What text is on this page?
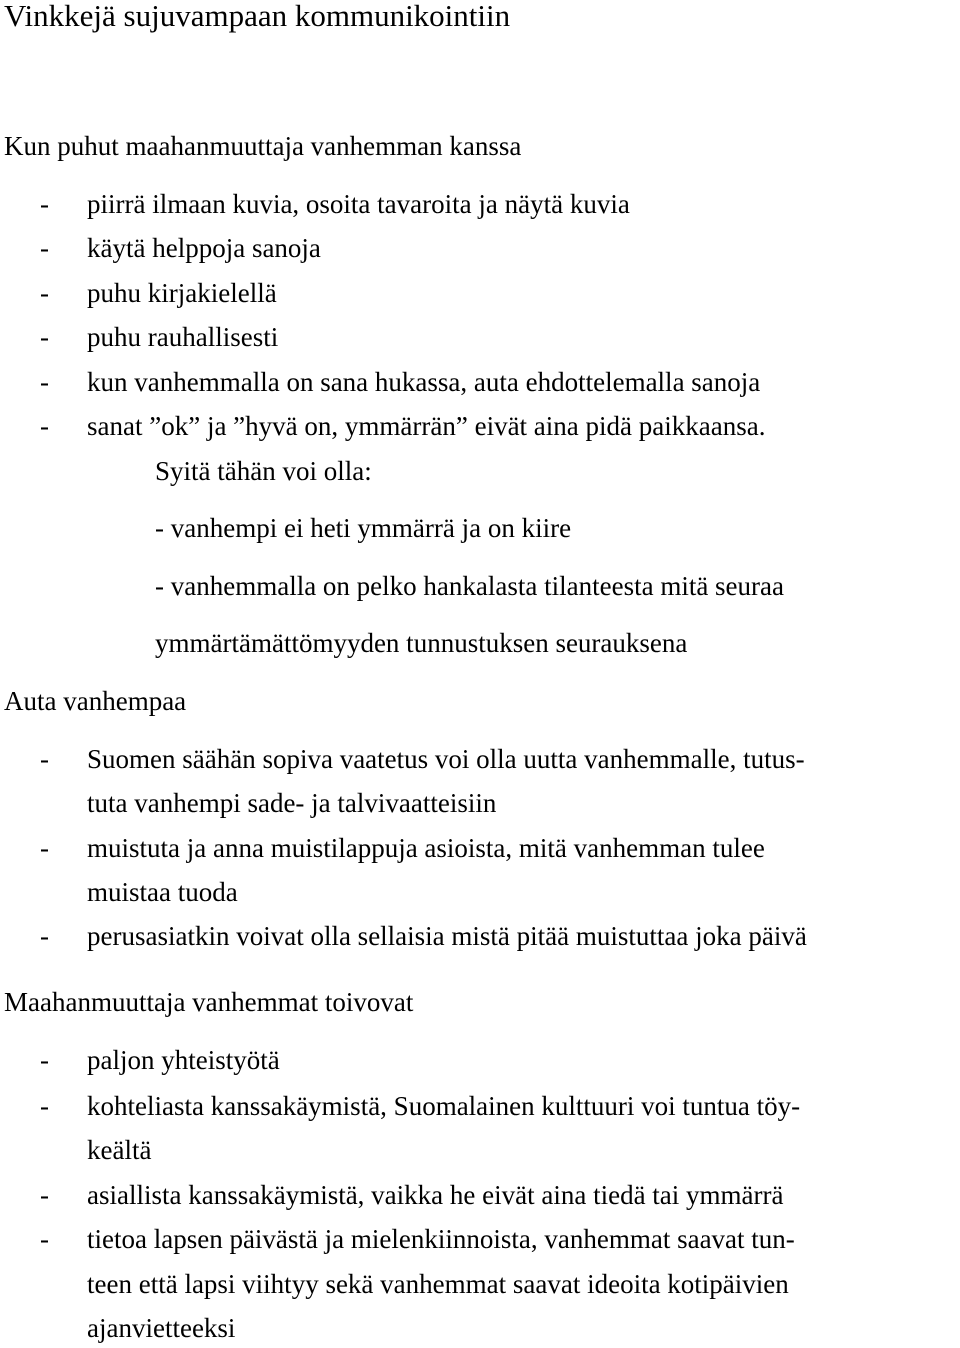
Vinkkejä sujuvampaan kommunikointiin
Kun puhut maahanmuuttaja vanhemman kanssa
- piirrä ilmaan kuvia, osoita tavaroita ja näytä kuvia
- käytä helppoja sanoja
- puhu kirjakielellä
- puhu rauhallisesti
- kun vanhemmalla on sana hukassa, auta ehdottelemalla sanoja
- sanat ”ok” ja ”hyvä on, ymmärrän” eivät aina pidä paikkaansa.
Syitä tähän voi olla:
- vanhempi ei heti ymmärrä ja on kiire
- vanhemmalla on pelko hankalasta tilanteesta mitä seuraa
ymmärtämättömyyden tunnustuksen seurauksena
Auta vanhempaa
- Suomen säähän sopiva vaatetus voi olla uutta vanhemmalle, tutus-
tuta vanhempi sade- ja talvivaatteisiin
- muistuta ja anna muistilappuja asioista, mitä vanhemman tulee
muistaa tuoda
- perusasiatkin voivat olla sellaisia mistä pitää muistuttaa joka päivä
Maahanmuuttaja vanhemmat toivovat
- paljon yhteistyötä
- kohteliasta kanssakäymistä, Suomalainen kulttuuri voi tuntua töy-
keältä
- asiallista kanssakäymistä, vaikka he eivät aina tiedä tai ymmärrä
- tietoa lapsen päivästä ja mielenkiinnoista, vanhemmat saavat tun-
teen että lapsi viihtyy sekä vanhemmat saavat ideoita kotipäivien
ajanvietteeksi
